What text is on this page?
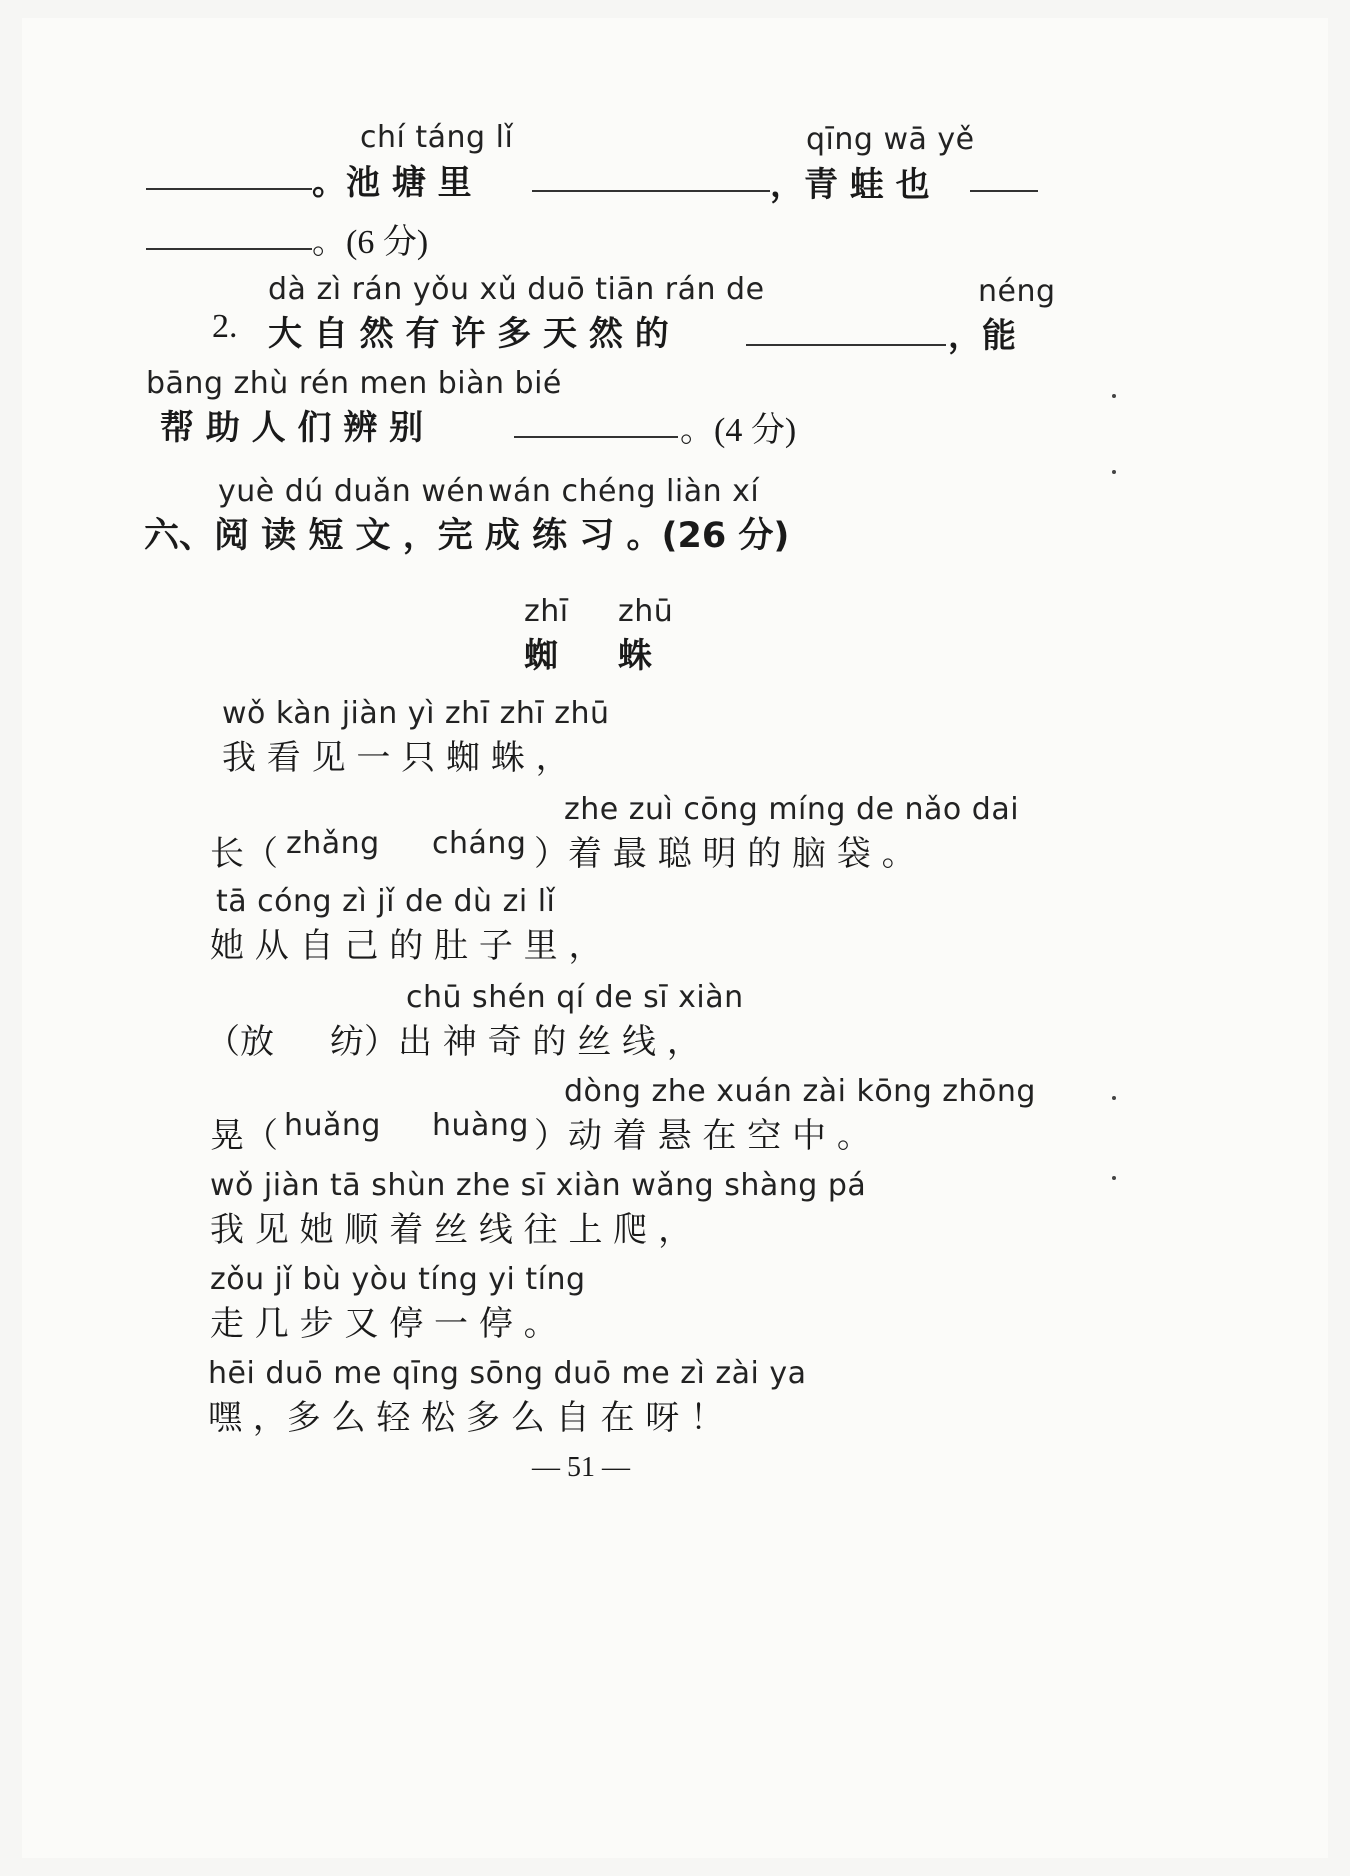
chí táng lǐ	qīng wā yě
。池 塘 里	，青 蛙 也
。(6 分)
dà zì rán yǒu xǔ duō tiān rán de	néng
2. 大 自 然 有 许 多 天 然 的	，能
bāng zhù rén men biàn bié
帮 助 人 们 辨 别	。(4 分)
yuè dú duǎn wén wán chéng liàn xí
六、阅 读 短 文 ，完 成 练 习 。(26 分)
zhī zhū
蜘 蛛
wǒ kàn jiàn yì zhī zhī zhū
我 看 见 一 只 蜘 蛛 ，
zhe zuì cōng míng de nǎo dai
长（ zhǎng cháng ）着 最 聪 明 的 脑 袋 。
tā cóng zì jǐ de dù zi lǐ
她 从 自 己 的 肚 子 里 ，
chū shén qí de sī xiàn
（放 纺）出 神 奇 的 丝 线 ，
dòng zhe xuán zài kōng zhōng
晃（ huǎng huàng ）动 着 悬 在 空 中 。
wǒ jiàn tā shùn zhe sī xiàn wǎng shàng pá
我 见 她 顺 着 丝 线 往 上 爬 ，
zǒu jǐ bù yòu tíng yi tíng
走 几 步 又 停 一 停 。
hēi duō me qīng sōng duō me zì zài ya
嘿 ，多 么 轻 松 多 么 自 在 呀 ！
— 51 —
